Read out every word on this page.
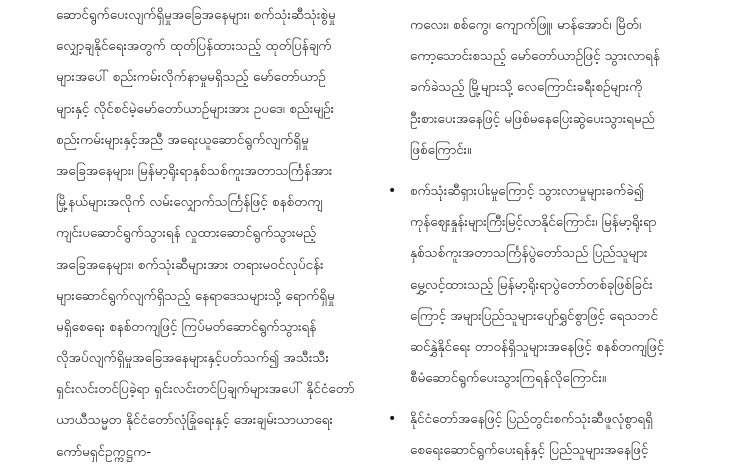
ဆောင်ရွက်ပေးလျက်ရှိမှုအခြေအနေများ၊ စက်သုံးဆီသုံးစွဲမှု
လျှော့ချနိုင်ရေးအတွက် ထုတ်ပြန်ထားသည့် ထုတ်ပြန်ချက်
များအပေါ် စည်းကမ်းလိုက်နာမှုမရှိသည့် မော်တော်ယာဉ်
များနှင့် လိုင်စင်မဲ့မော်တော်ယာဉ်များအား ဥပဒေ၊ စည်းမျဉ်း
စည်းကမ်းများနှင့်အညီ အရေးယူဆောင်ရွက်လျက်ရှိမှု
အခြေအနေများ၊ မြန်မာ့ရိုးရာနှစ်သစ်ကူးအတာသင်္ကြန်အား
မြို့နယ်များအလိုက် လမ်းလျှောက်သင်္ကြန်ဖြင့် စနစ်တကျ
ကျင်းပဆောင်ရွက်သွားရန် လှုထားဆောင်ရွက်သွားမည့်
အခြေအနေများ၊ စက်သုံးဆီများအား တရားမဝင်လုပ်ငန်း
များဆောင်ရွက်လျက်ရှိသည့် နေရာဒေသများသို့ ရောက်ရှိမှု
မရှိစေရေး စနစ်တကျဖြင့် ကြပ်မတ်ဆောင်ရွက်သွားရန်
လိုအပ်လျက်ရှိမှုအခြေအနေများနှင့်ပတ်သက်၍ အသီးသီး
ရှင်းလင်းတင်ပြခဲ့ရာ ရှင်းလင်းတင်ပြချက်များအပေါ် နိုင်ငံတော်
ယာယီသမ္မတ နိုင်ငံတော်လုံခြုံရေးနှင့် အေးချမ်းသာယာရေး
ကော်မရှင်ဥက္ကဋ္ဌက-
ကလေး၊ စစ်ကွေ၊ ကျောက်ဖြူ၊ မာန်အောင်၊ မြိတ်၊
ကော့သောင်းစသည့် မော်တော်ယာဉ်ဖြင့် သွားလာရန်
ခက်ခဲသည့် မြို့များသို့ လေကြောင်းခရီးစဉ်များကို
ဦးစားပေးအနေဖြင့် မဖြစ်မနေပြေးဆွဲပေးသွားရမည်
ဖြစ်ကြောင်း။
• စက်သုံးဆီရှားပါးမှုကြောင့် သွားလာမှုများခက်ခဲ၍
ကုန်ဈေးနှုန်းများကြီးမြင့်လာနိုင်ကြောင်း၊ မြန်မာ့ရိုးရာ
နှစ်သစ်ကူးအတာသင်္ကြန်ပွဲတော်သည် ပြည်သူများ
မွှေ့လင့်ထားသည့် မြန်မာ့ရိုးရာပွဲတော်တစ်ခုဖြစ်ခြင်း
ကြောင့် အများပြည်သူများပျော်ရွှင်စွာဖြင့် ရေသဘင်
ဆင်နွှဲနိုင်ရေး တာဝန်ရှိသူများအနေဖြင့် စနစ်တကျဖြင့်
စီမံဆောင်ရွက်ပေးသွားကြရန်လိုကြောင်း။
• နိုင်ငံတော်အနေဖြင့် ပြည်တွင်းစက်သုံးဆီဖူလုံစွာရရှိ
စေရေးဆောင်ရွက်ပေးရန်နှင့် ပြည်သူများအနေဖြင့်
